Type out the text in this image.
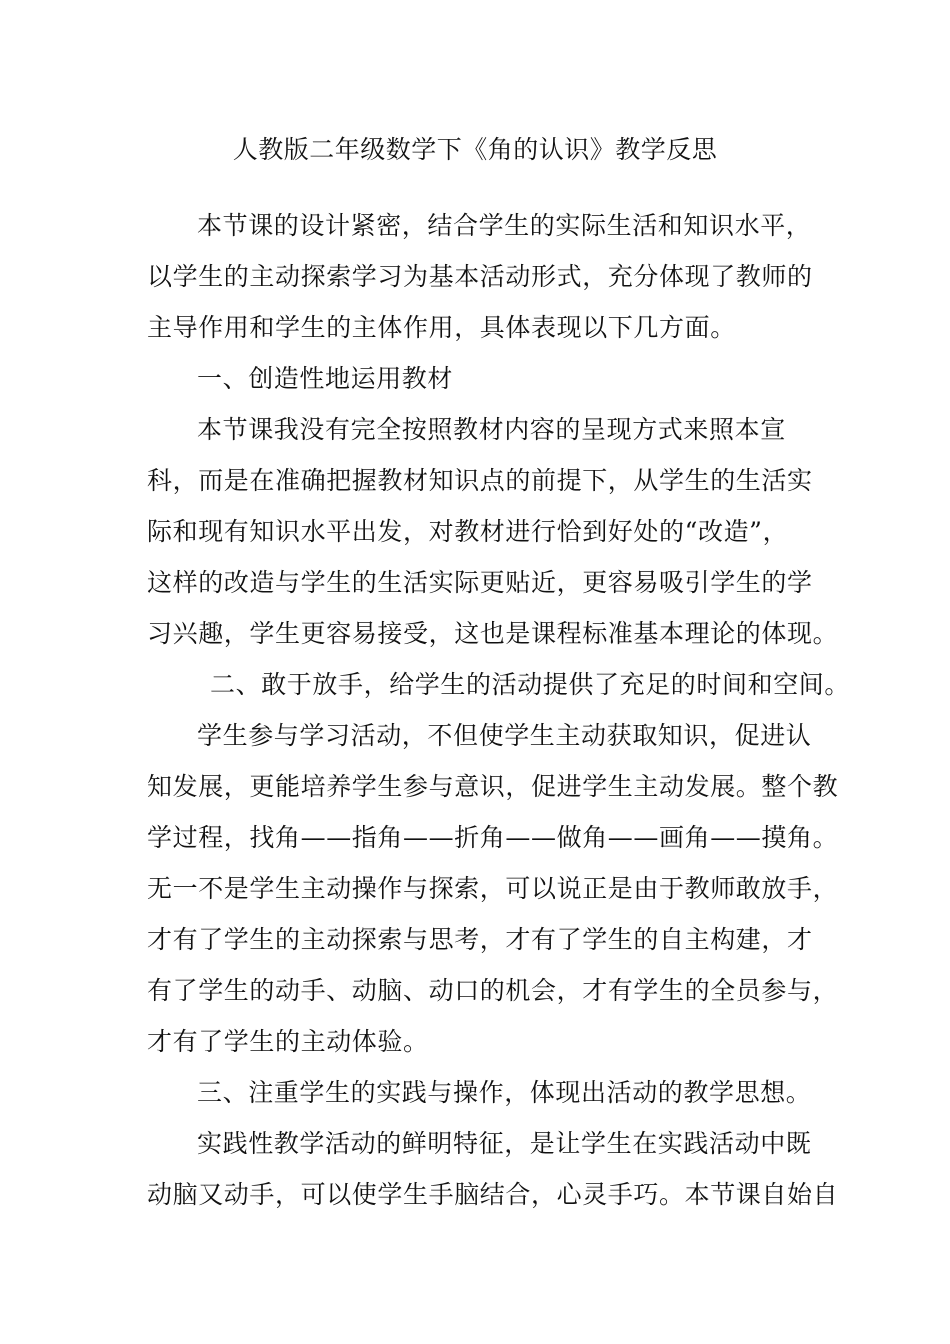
人教版二年级数学下《角的认识》教学反思
本节课的设计紧密，结合学生的实际生活和知识水平，
以学生的主动探索学习为基本活动形式，充分体现了教师的
主导作用和学生的主体作用，具体表现以下几方面。
一、创造性地运用教材
本节课我没有完全按照教材内容的呈现方式来照本宣
科，而是在准确把握教材知识点的前提下，从学生的生活实
际和现有知识水平出发，对教材进行恰到好处的“改造”，
这样的改造与学生的生活实际更贴近，更容易吸引学生的学
习兴趣，学生更容易接受，这也是课程标准基本理论的体现。
二、敢于放手，给学生的活动提供了充足的时间和空间。
学生参与学习活动，不但使学生主动获取知识，促进认
知发展，更能培养学生参与意识，促进学生主动发展。整个教
学过程，找角——指角——折角——做角——画角——摸角。
无一不是学生主动操作与探索，可以说正是由于教师敢放手，
才有了学生的主动探索与思考，才有了学生的自主构建，才
有了学生的动手、动脑、动口的机会，才有学生的全员参与，
才有了学生的主动体验。
三、注重学生的实践与操作，体现出活动的教学思想。
实践性教学活动的鲜明特征，是让学生在实践活动中既
动脑又动手，可以使学生手脑结合，心灵手巧。本节课自始自
